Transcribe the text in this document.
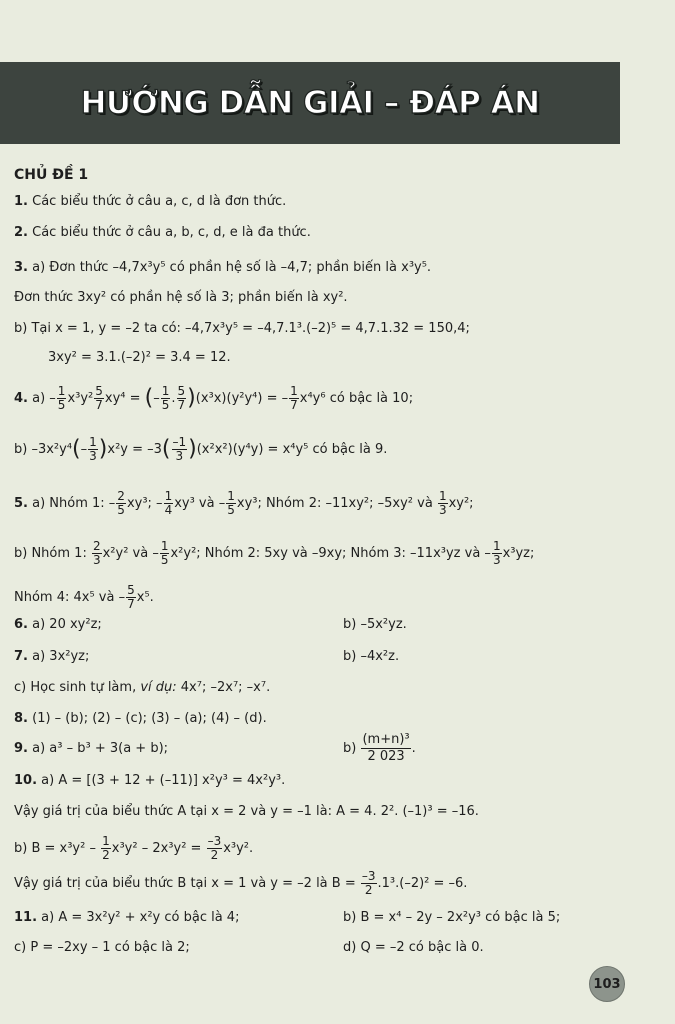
HƯỚNG DẪN GIẢI – ĐÁP ÁN
CHỦ ĐỀ 1
1. Các biểu thức ở câu a, c, d là đơn thức.
2. Các biểu thức ở câu a, b, c, d, e là đa thức.
3. a) Đơn thức –4,7x³y⁵ có phần hệ số là –4,7; phần biến là x³y⁵.
Đơn thức 3xy² có phần hệ số là 3; phần biến là xy².
b) Tại x = 1, y = –2 ta có: –4,7x³y⁵ = –4,7.1³.(–2)⁵ = 4,7.1.32 = 150,4;
3xy² = 3.1.(–2)² = 3.4 = 12.
4. $a) - \frac{1}{5} x^3y^2 \frac{5}{7} xy^4$ = (– $\frac{1}{5}$ . $\frac{5}{7} )(x^3x)(y^2y^4)$ = – $\frac{1}{7} x^4y^6$ có bậc là 10;
b) $-3x^2y^4(- \frac{1}{3} )x^2y = -3( \frac{-1}{3} )(x^2x^2)(y^4y) = x^4y^5$ có bậc là 9.
5. a) Nhóm 1: – $\frac{2}{5} xy^3$; – $\frac{1}{4} xy^3$ và – $\frac{1}{5} xy^3$; Nhóm 2: –11xy²; –5xy² và $\frac{1}{3} xy^2$;
b) Nhóm 1: $\frac{2}{3} x^2y^2$ và – $\frac{1}{5} x^2y^2$; Nhóm 2: 5xy và –9xy; Nhóm 3: –11x³yz và – $\frac{1}{3} x^3yz$;
Nhóm 4: 4x⁵ và – $\frac{5}{7} x^5$.
6. a) 20 xy²z;	b) –5x²yz.
7. a) 3x²yz;	b) –4x²z.
c) Học sinh tự làm, ví dụ: 4x⁷; –2x⁷; –x⁷.
8. (1) – (b); (2) – (c); (3) – (a); (4) – (d).
9. a) a³ – b³ + 3(a + b);	$b) \frac{\text{(m+n)³}}{2 023}$ .
10. a) A = [(3 + 12 + (–11)] x²y³ = 4x²y³.
Vậy giá trị của biểu thức A tại x = 2 và y = –1 là: A = 4. 2². (–1)³ = –16.
b) $B = x^3y^2 - \frac{1}{2} x^3y^2 - 2x^3y^2 = \frac{-3}{2} x^3y^2$.
Vậy giá trị của biểu thức B tại x = 1 và y = –2 là $B = \frac{-3}{2} .1^3.(-2)^2 = -6$.
11. a) A = 3x²y² + x²y có bậc là 4;	b) B = x⁴ – 2y – 2x²y³ có bậc là 5;
c) P = –2xy – 1 có bậc là 2;	d) Q = –2 có bậc là 0.
103
